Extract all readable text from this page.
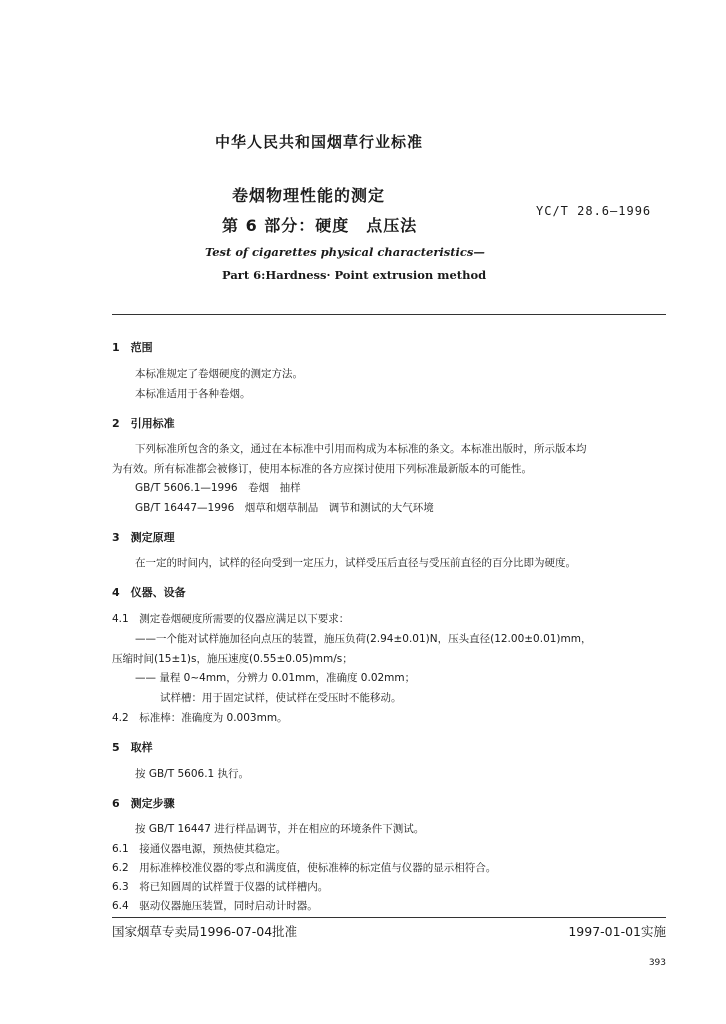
中华人民共和国烟草行业标准
卷烟物理性能的测定
第 6 部分：硬度　点压法
YC/T 28.6—1996
Test of cigarettes physical characteristics—
Part 6:Hardness· Point extrusion method
1　范围
本标准规定了卷烟硬度的测定方法。
本标准适用于各种卷烟。
2　引用标准
下列标准所包含的条文，通过在本标准中引用而构成为本标准的条文。本标准出版时，所示版本均
为有效。所有标准都会被修订，使用本标准的各方应探讨使用下列标准最新版本的可能性。
GB/T 5606.1—1996　卷烟　抽样
GB/T 16447—1996　烟草和烟草制品　调节和测试的大气环境
3　测定原理
在一定的时间内，试样的径向受到一定压力，试样受压后直径与受压前直径的百分比即为硬度。
4　仪器、设备
4.1　测定卷烟硬度所需要的仪器应满足以下要求：
——一个能对试样施加径向点压的装置，施压负荷(2.94±0.01)N，压头直径(12.00±0.01)mm，
压缩时间(15±1)s，施压速度(0.55±0.05)mm/s；
—— 量程 0~4mm，分辨力 0.01mm，准确度 0.02mm；
试样槽：用于固定试样，使试样在受压时不能移动。
4.2　标准棒：准确度为 0.003mm。
5　取样
按 GB/T 5606.1 执行。
6　测定步骤
按 GB/T 16447 进行样品调节，并在相应的环境条件下测试。
6.1　接通仪器电源，预热使其稳定。
6.2　用标准棒校准仪器的零点和满度值，使标准棒的标定值与仪器的显示相符合。
6.3　将已知圆周的试样置于仪器的试样槽内。
6.4　驱动仪器施压装置，同时启动计时器。
国家烟草专卖局1996-07-04批准	1997-01-01实施
393
